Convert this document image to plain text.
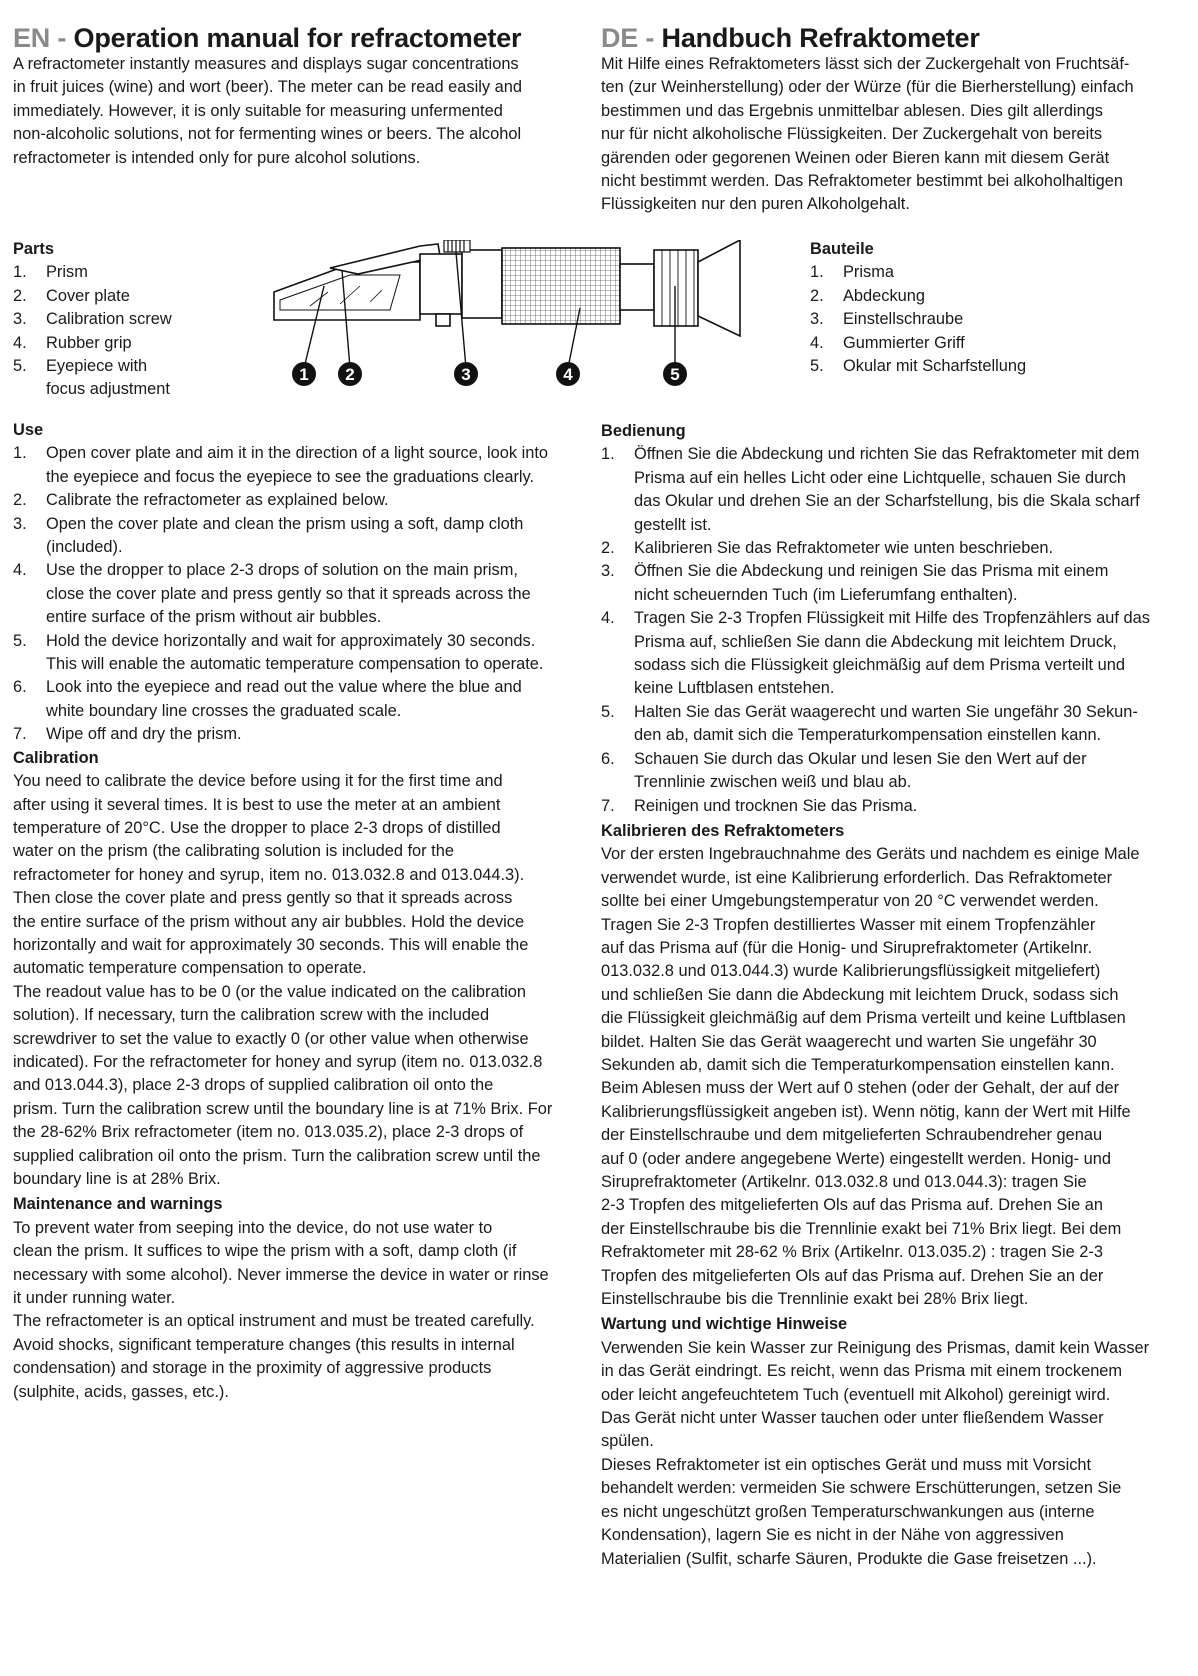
EN - Operation manual for refractometer
A refractometer instantly measures and displays sugar concentrations
in fruit juices (wine) and wort (beer). The meter can be read easily and
immediately. However, it is only suitable for measuring unfermented
non-alcoholic solutions, not for fermenting wines or beers. The alcohol
refractometer is intended only for pure alcohol solutions.
Parts
1. Prism
2. Cover plate
3. Calibration screw
4. Rubber grip
5. Eyepiece with
focus adjustment
Use
1. Open cover plate and aim it in the direction of a light source, look into
the eyepiece and focus the eyepiece to see the graduations clearly.
2. Calibrate the refractometer as explained below.
3. Open the cover plate and clean the prism using a soft, damp cloth
(included).
4. Use the dropper to place 2-3 drops of solution on the main prism,
close the cover plate and press gently so that it spreads across the
entire surface of the prism without air bubbles.
5. Hold the device horizontally and wait for approximately 30 seconds.
This will enable the automatic temperature compensation to operate.
6. Look into the eyepiece and read out the value where the blue and
white boundary line crosses the graduated scale.
7. Wipe off and dry the prism.
Calibration
You need to calibrate the device before using it for the first time and
after using it several times. It is best to use the meter at an ambient
temperature of 20°C. Use the dropper to place 2-3 drops of distilled
water on the prism (the calibrating solution is included for the
refractometer for honey and syrup, item no. 013.032.8 and 013.044.3).
Then close the cover plate and press gently so that it spreads across
the entire surface of the prism without any air bubbles. Hold the device
horizontally and wait for approximately 30 seconds. This will enable the
automatic temperature compensation to operate.
The readout value has to be 0 (or the value indicated on the calibration
solution). If necessary, turn the calibration screw with the included
screwdriver to set the value to exactly 0 (or other value when otherwise
indicated). For the refractometer for honey and syrup (item no. 013.032.8
and 013.044.3), place 2-3 drops of supplied calibration oil onto the
prism. Turn the calibration screw until the boundary line is at 71% Brix. For
the 28-62% Brix refractometer (item no. 013.035.2), place 2-3 drops of
supplied calibration oil onto the prism. Turn the calibration screw until the
boundary line is at 28% Brix.
Maintenance and warnings
To prevent water from seeping into the device, do not use water to
clean the prism. It suffices to wipe the prism with a soft, damp cloth (if
necessary with some alcohol). Never immerse the device in water or rinse
it under running water.
The refractometer is an optical instrument and must be treated carefully.
Avoid shocks, significant temperature changes (this results in internal
condensation) and storage in the proximity of aggressive products
(sulphite, acids, gasses, etc.).
DE - Handbuch Refraktometer
Mit Hilfe eines Refraktometers lässt sich der Zuckergehalt von Fruchtsäf-
ten (zur Weinherstellung) oder der Würze (für die Bierherstellung) einfach
bestimmen und das Ergebnis unmittelbar ablesen. Dies gilt allerdings
nur für nicht alkoholische Flüssigkeiten. Der Zuckergehalt von bereits
gärenden oder gegorenen Weinen oder Bieren kann mit diesem Gerät
nicht bestimmt werden. Das Refraktometer bestimmt bei alkoholhaltigen
Flüssigkeiten nur den puren Alkoholgehalt.
Bauteile
1. Prisma
2. Abdeckung
3. Einstellschraube
4. Gummierter Griff
5. Okular mit Scharfstellung
Bedienung
1. Öffnen Sie die Abdeckung und richten Sie das Refraktometer mit dem
Prisma auf ein helles Licht oder eine Lichtquelle, schauen Sie durch
das Okular und drehen Sie an der Scharfstellung, bis die Skala scharf
gestellt ist.
2. Kalibrieren Sie das Refraktometer wie unten beschrieben.
3. Öffnen Sie die Abdeckung und reinigen Sie das Prisma mit einem
nicht scheuernden Tuch (im Lieferumfang enthalten).
4. Tragen Sie 2-3 Tropfen Flüssigkeit mit Hilfe des Tropfenzählers auf das
Prisma auf, schließen Sie dann die Abdeckung mit leichtem Druck,
sodass sich die Flüssigkeit gleichmäßig auf dem Prisma verteilt und
keine Luftblasen entstehen.
5. Halten Sie das Gerät waagerecht und warten Sie ungefähr 30 Sekun-
den ab, damit sich die Temperaturkompensation einstellen kann.
6. Schauen Sie durch das Okular und lesen Sie den Wert auf der
Trennlinie zwischen weiß und blau ab.
7. Reinigen und trocknen Sie das Prisma.
Kalibrieren des Refraktometers
Vor der ersten Ingebrauchnahme des Geräts und nachdem es einige Male
verwendet wurde, ist eine Kalibrierung erforderlich. Das Refraktometer
sollte bei einer Umgebungstemperatur von 20 °C verwendet werden.
Tragen Sie 2-3 Tropfen destilliertes Wasser mit einem Tropfenzähler
auf das Prisma auf (für die Honig- und Siruprefraktometer (Artikelnr.
013.032.8 und 013.044.3) wurde Kalibrierungsflüssigkeit mitgeliefert)
und schließen Sie dann die Abdeckung mit leichtem Druck, sodass sich
die Flüssigkeit gleichmäßig auf dem Prisma verteilt und keine Luftblasen
bildet. Halten Sie das Gerät waagerecht und warten Sie ungefähr 30
Sekunden ab, damit sich die Temperaturkompensation einstellen kann.
Beim Ablesen muss der Wert auf 0 stehen (oder der Gehalt, der auf der
Kalibrierungsflüssigkeit angeben ist). Wenn nötig, kann der Wert mit Hilfe
der Einstellschraube und dem mitgelieferten Schraubendreher genau
auf 0 (oder andere angegebene Werte) eingestellt werden. Honig- und
Siruprefraktometer (Artikelnr. 013.032.8 und 013.044.3): tragen Sie
2-3 Tropfen des mitgelieferten Ols auf das Prisma auf. Drehen Sie an
der Einstellschraube bis die Trennlinie exakt bei 71% Brix liegt. Bei dem
Refraktometer mit 28-62 % Brix (Artikelnr. 013.035.2) : tragen Sie 2-3
Tropfen des mitgelieferten Ols auf das Prisma auf. Drehen Sie an der
Einstellschraube bis die Trennlinie exakt bei 28% Brix liegt.
Wartung und wichtige Hinweise
Verwenden Sie kein Wasser zur Reinigung des Prismas, damit kein Wasser
in das Gerät eindringt. Es reicht, wenn das Prisma mit einem trockenem
oder leicht angefeuchtetem Tuch (eventuell mit Alkohol) gereinigt wird.
Das Gerät nicht unter Wasser tauchen oder unter fließendem Wasser
spülen.
Dieses Refraktometer ist ein optisches Gerät und muss mit Vorsicht
behandelt werden: vermeiden Sie schwere Erschütterungen, setzen Sie
es nicht ungeschützt großen Temperaturschwankungen aus (interne
Kondensation), lagern Sie es nicht in der Nähe von aggressiven
Materialien (Sulfit, scharfe Säuren, Produkte die Gase freisetzen ...).
1 2	3	4	5
